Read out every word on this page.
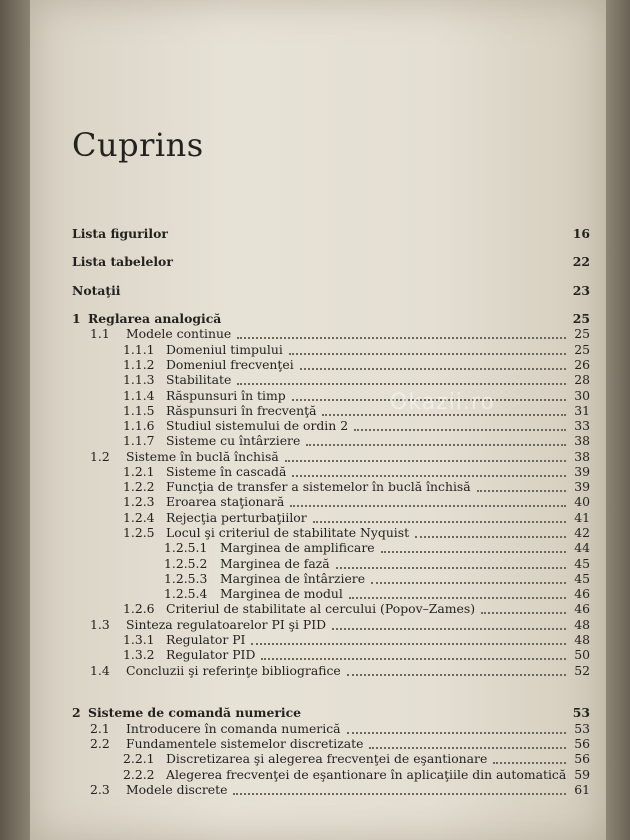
Cuprins
Lista figurilor	16
Lista tabelelor	22
Notaţii	23
1 Reglarea analogică	25
1.1 Modele continue	25
1.1.1 Domeniul timpului	25
1.1.2 Domeniul frecvenţei	26
1.1.3 Stabilitate	28
1.1.4 Răspunsuri în timp	30
1.1.5 Răspunsuri în frecvenţă	31
1.1.6 Studiul sistemului de ordin 2	33
1.1.7 Sisteme cu întârziere	38
1.2 Sisteme în buclă închisă	38
1.2.1 Sisteme în cascadă	39
1.2.2 Funcţia de transfer a sistemelor în buclă închisă	39
1.2.3 Eroarea staţionară	40
1.2.4 Rejecţia perturbaţiilor	41
1.2.5 Locul şi criteriul de stabilitate Nyquist	42
1.2.5.1 Marginea de amplificare	44
1.2.5.2 Marginea de fază	45
1.2.5.3 Marginea de întârziere	45
1.2.5.4 Marginea de modul	46
1.2.6 Criteriul de stabilitate al cercului (Popov–Zames)	46
1.3 Sinteza regulatoarelor PI şi PID	48
1.3.1 Regulator PI	48
1.3.2 Regulator PID	50
1.4 Concluzii şi referinţe bibliografice	52
2 Sisteme de comandă numerice	53
2.1 Introducere în comanda numerică	53
2.2 Fundamentele sistemelor discretizate	56
2.2.1 Discretizarea şi alegerea frecvenţei de eşantionare	56
2.2.2 Alegerea frecvenţei de eşantionare în aplicaţiile din automatică 59
2.3 Modele discrete	61
Okazii.ro
